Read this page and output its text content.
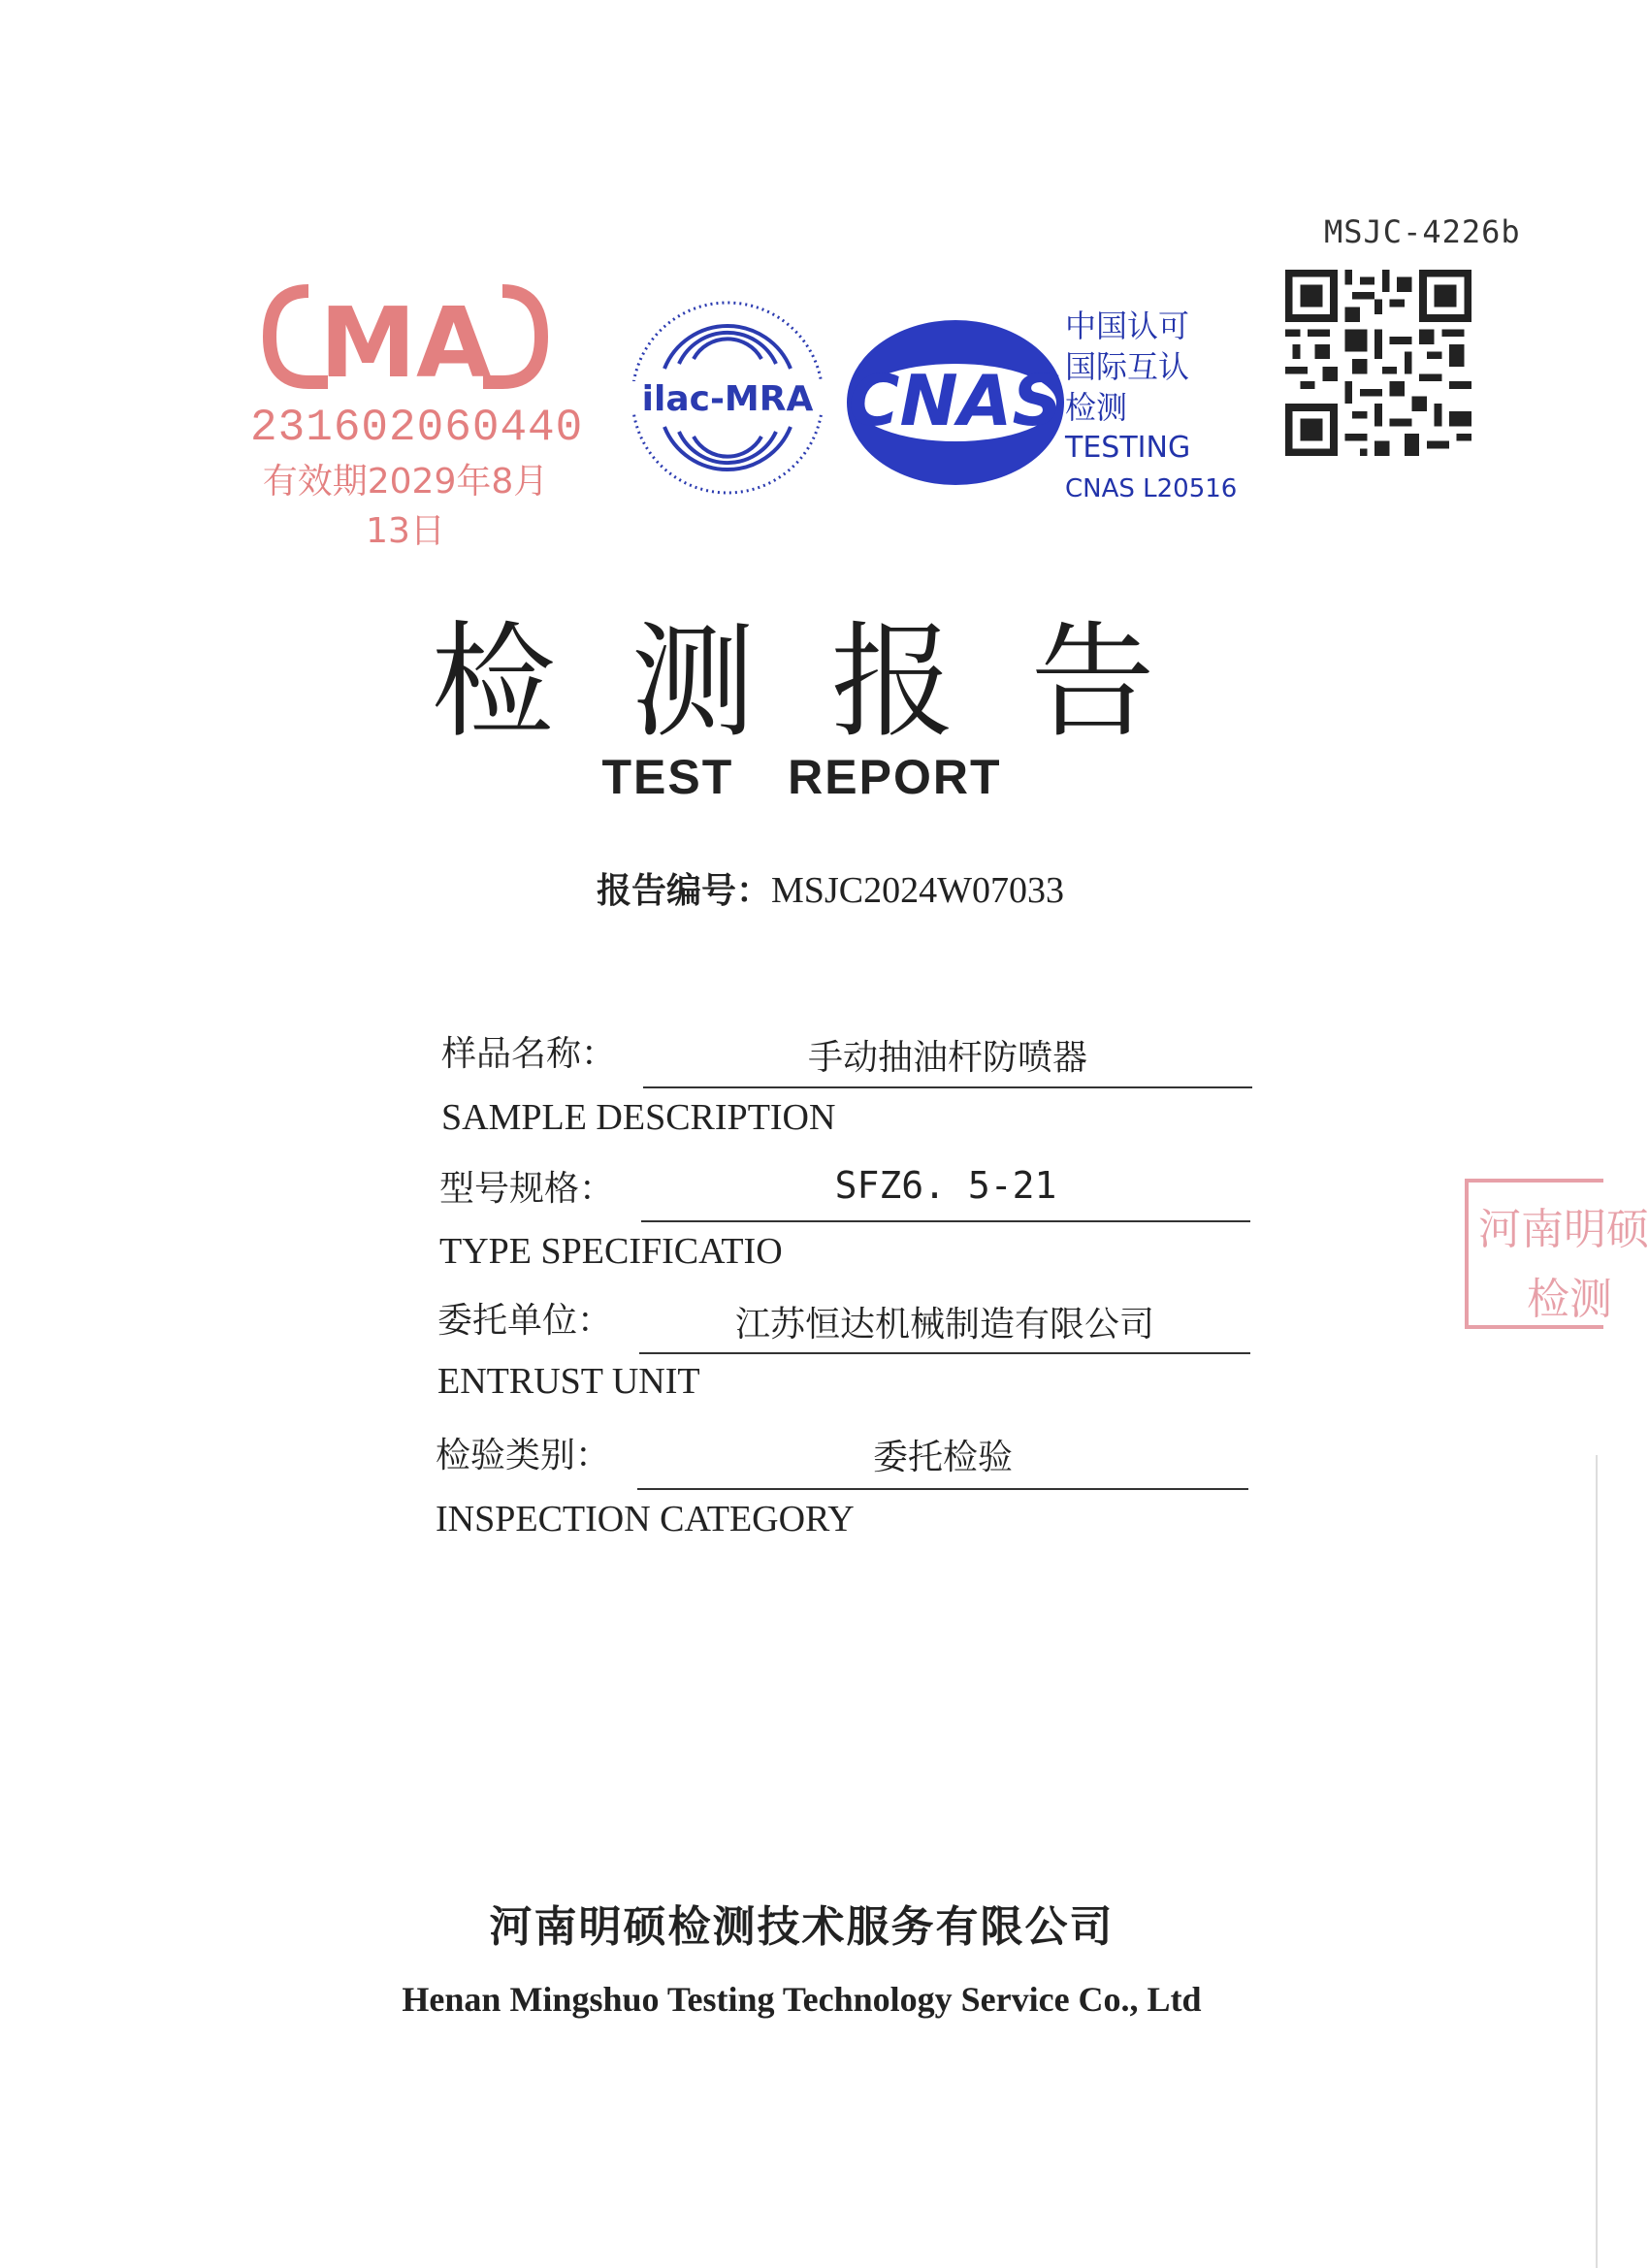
MSJC-4226b
MA
231602060440
有效期2029年8月13日
ilac-MRA CNAS
中国认可
国际互认
检测
TESTING
CNAS L20516
检测报告
TEST REPORT
报告编号：MSJC2024W07033
样品名称：	手动抽油杆防喷器
SAMPLE DESCRIPTION
型号规格：	SFZ6. 5-21
TYPE SPECIFICATIO
委托单位：	江苏恒达机械制造有限公司
ENTRUST UNIT
检验类别：	委托检验
INSPECTION CATEGORY
河南明硕
检测
河南明硕检测技术服务有限公司
Henan Mingshuo Testing Technology Service Co., Ltd
